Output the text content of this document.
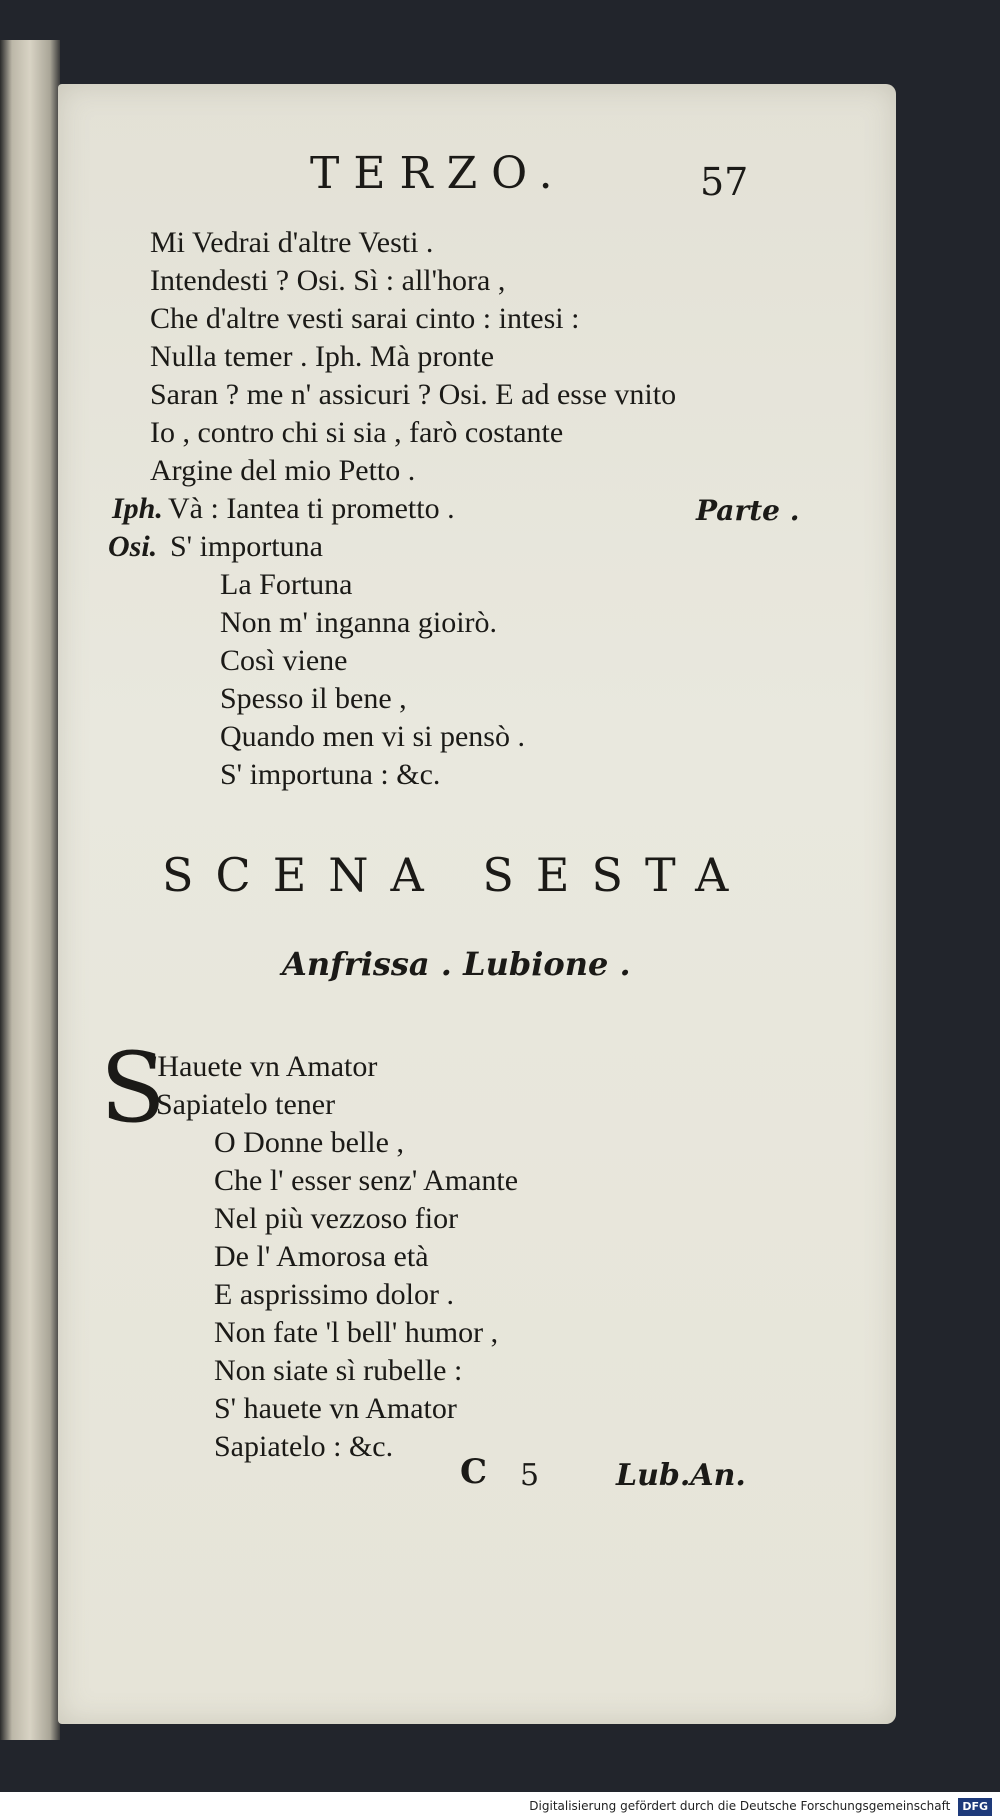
TERZO.	57
Mi Vedrai d'altre Vesti .
Intendesti ? Osi. Sì : all'hora ,
Che d'altre vesti sarai cinto : intesi :
Nulla temer . Iph. Mà pronte
Saran ? me n' assicuri ? Osi. E ad esse vnito
Io , contro chi si sia , farò costante
Argine del mio Petto .
Iph. Và : Iantea ti prometto .	Parte .
Osi. S' importuna
La Fortuna
Non m' inganna gioirò.
Così viene
Spesso il bene ,
Quando men vi si pensò .
S' importuna : &c.
SCENA SESTA
Anfrissa . Lubione .
S
'Hauete vn Amator
Sapiatelo tener
O Donne belle ,
Che l' esser senz' Amante
Nel più vezzoso fior
De l' Amorosa età
E asprissimo dolor .
Non fate 'l bell' humor ,
Non siate sì rubelle :
S' hauete vn Amator
Sapiatelo : &c.
C 5	Lub.An.
Digitalisierung gefördert durch die Deutsche Forschungsgemeinschaft DFG
